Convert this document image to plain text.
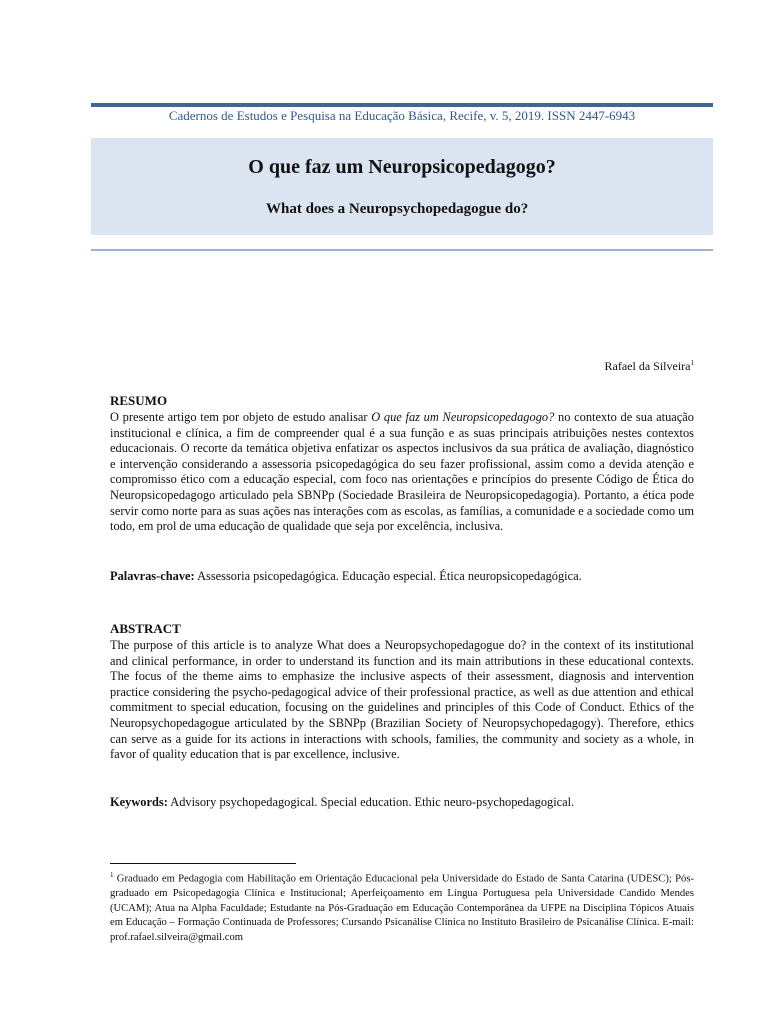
Cadernos de Estudos e Pesquisa na Educação Básica, Recife, v. 5, 2019. ISSN 2447-6943
O que faz um Neuropsicopedagogo?
What does a Neuropsychopedagogue do?
Rafael da Silveira$^1$
RESUMO

O presente artigo tem por objeto de estudo analisar O que faz um Neuropsicopedagogo? no contexto de sua atuação institucional e clínica, a fim de compreender qual é a sua função e as suas principais atribuições nestes contextos educacionais. O recorte da temática objetiva enfatizar os aspectos inclusivos da sua prática de avaliação, diagnóstico e intervenção considerando a assessoria psicopedagógica do seu fazer profissional, assim como a devida atenção e compromisso ético com a educação especial, com foco nas orientações e princípios do presente Código de Ética do Neuropsicopedagogo articulado pela SBNPp (Sociedade Brasileira de Neuropsicopedagogia). Portanto, a ética pode servir como norte para as suas ações nas interações com as escolas, as famílias, a comunidade e a sociedade como um todo, em prol de uma educação de qualidade que seja por excelência, inclusiva.

Palavras-chave: Assessoria psicopedagógica. Educação especial. Ética neuropsicopedagógica.
ABSTRACT

The purpose of this article is to analyze What does a Neuropsychopedagogue do? in the context of its institutional and clinical performance, in order to understand its function and its main attributions in these educational contexts. The focus of the theme aims to emphasize the inclusive aspects of their assessment, diagnosis and intervention practice considering the psycho-pedagogical advice of their professional practice, as well as due attention and ethical commitment to special education, focusing on the guidelines and principles of this Code of Conduct. Ethics of the Neuropsychopedagogue articulated by the SBNPp (Brazilian Society of Neuropsychopedagogy). Therefore, ethics can serve as a guide for its actions in interactions with schools, families, the community and society as a whole, in favor of quality education that is par excellence, inclusive.

Keywords: Advisory psychopedagogical. Special education. Ethic neuro-psychopedagogical.

$^1$ Graduado em Pedagogia com Habilitação em Orientação Educacional pela Universidade do Estado de Santa Catarina (UDESC); Pós-graduado em Psicopedagogia Clínica e Institucional; Aperfeiçoamento em Língua Portuguesa pela Universidade Candido Mendes (UCAM); Atua na Alpha Faculdade; Estudante na Pós-Graduação em Educação Contemporânea da UFPE na Disciplina Tópicos Atuais em Educação – Formação Continuada de Professores; Cursando Psicanálise Clínica no Instituto Brasileiro de Psicanálise Clínica. E-mail: prof.rafael.silveira@gmail.com
